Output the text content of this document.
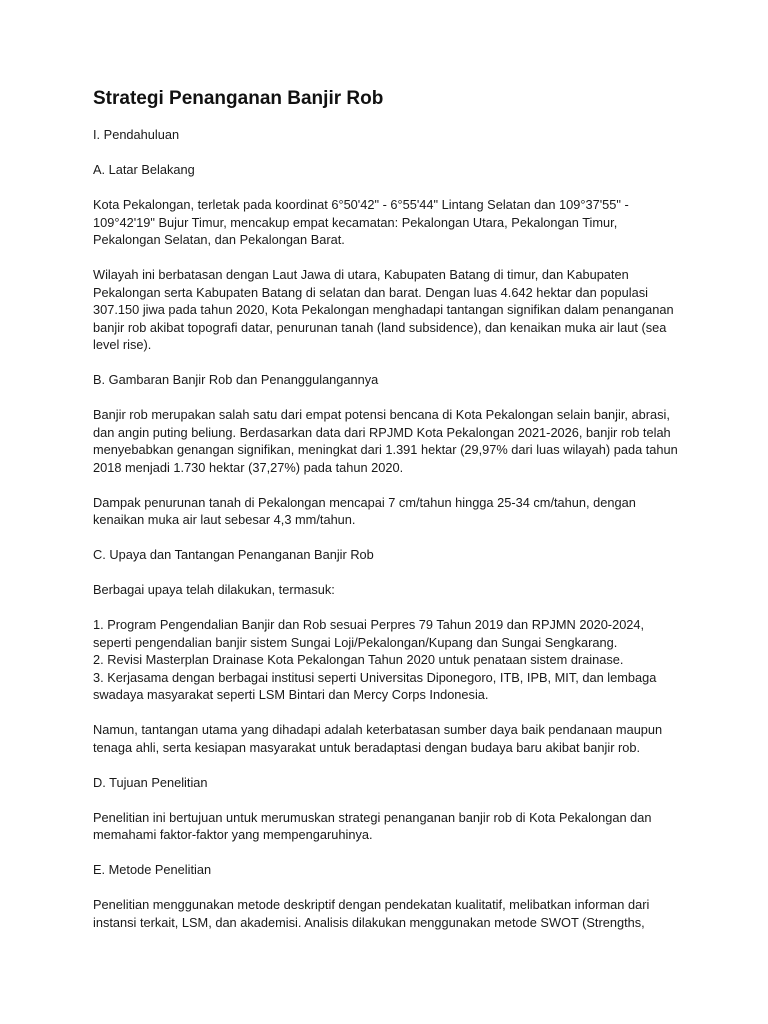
Strategi Penanganan Banjir Rob

I. Pendahuluan

A. Latar Belakang

Kota Pekalongan, terletak pada koordinat 6°50'42" - 6°55'44" Lintang Selatan dan 109°37'55" - 109°42'19" Bujur Timur, mencakup empat kecamatan: Pekalongan Utara, Pekalongan Timur, Pekalongan Selatan, dan Pekalongan Barat.

Wilayah ini berbatasan dengan Laut Jawa di utara, Kabupaten Batang di timur, dan Kabupaten Pekalongan serta Kabupaten Batang di selatan dan barat. Dengan luas 4.642 hektar dan populasi 307.150 jiwa pada tahun 2020, Kota Pekalongan menghadapi tantangan signifikan dalam penanganan banjir rob akibat topografi datar, penurunan tanah (land subsidence), dan kenaikan muka air laut (sea level rise).

B. Gambaran Banjir Rob dan Penanggulangannya

Banjir rob merupakan salah satu dari empat potensi bencana di Kota Pekalongan selain banjir, abrasi, dan angin puting beliung. Berdasarkan data dari RPJMD Kota Pekalongan 2021-2026, banjir rob telah menyebabkan genangan signifikan, meningkat dari 1.391 hektar (29,97% dari luas wilayah) pada tahun 2018 menjadi 1.730 hektar (37,27%) pada tahun 2020.

Dampak penurunan tanah di Pekalongan mencapai 7 cm/tahun hingga 25-34 cm/tahun, dengan kenaikan muka air laut sebesar 4,3 mm/tahun.

C. Upaya dan Tantangan Penanganan Banjir Rob

Berbagai upaya telah dilakukan, termasuk:

1. Program Pengendalian Banjir dan Rob sesuai Perpres 79 Tahun 2019 dan RPJMN 2020-2024, seperti pengendalian banjir sistem Sungai Loji/Pekalongan/Kupang dan Sungai Sengkarang.

2. Revisi Masterplan Drainase Kota Pekalongan Tahun 2020 untuk penataan sistem drainase.

3. Kerjasama dengan berbagai institusi seperti Universitas Diponegoro, ITB, IPB, MIT, dan lembaga swadaya masyarakat seperti LSM Bintari dan Mercy Corps Indonesia.

Namun, tantangan utama yang dihadapi adalah keterbatasan sumber daya baik pendanaan maupun tenaga ahli, serta kesiapan masyarakat untuk beradaptasi dengan budaya baru akibat banjir rob.

D. Tujuan Penelitian

Penelitian ini bertujuan untuk merumuskan strategi penanganan banjir rob di Kota Pekalongan dan memahami faktor-faktor yang mempengaruhinya.

E. Metode Penelitian

Penelitian menggunakan metode deskriptif dengan pendekatan kualitatif, melibatkan informan dari instansi terkait, LSM, dan akademisi. Analisis dilakukan menggunakan metode SWOT (Strengths,
